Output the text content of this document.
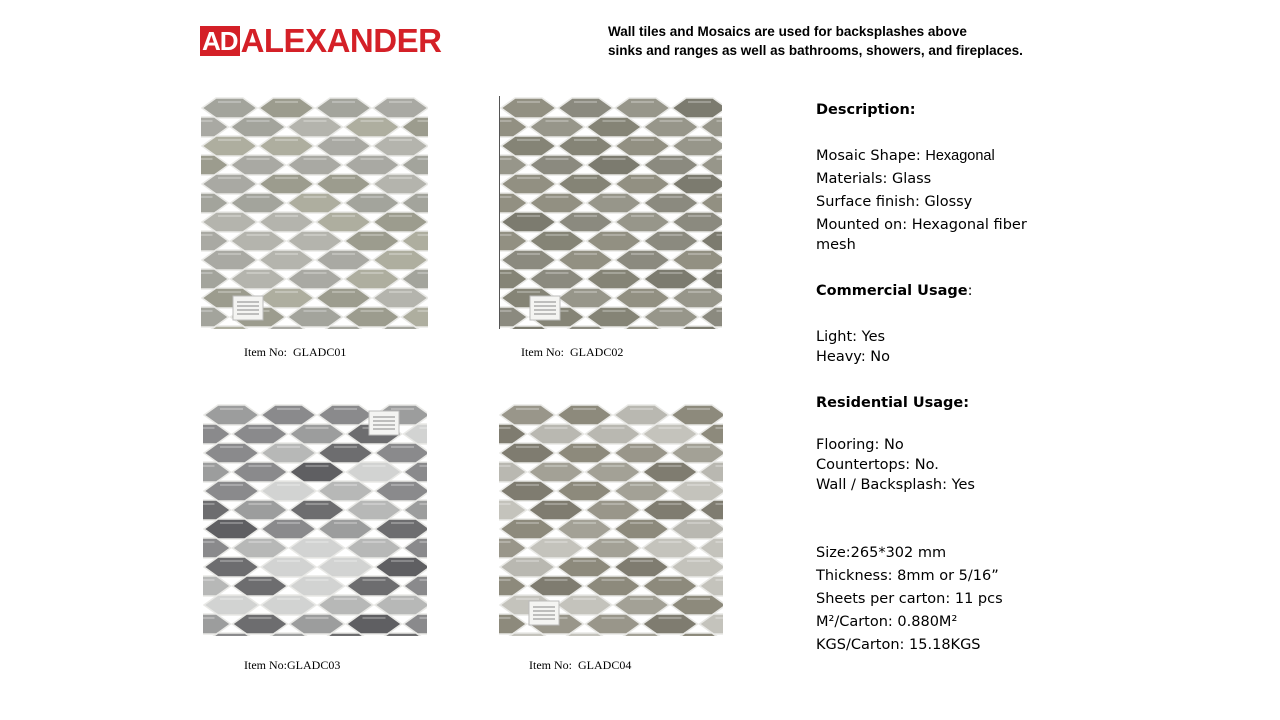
AD ALEXANDER	Wall tiles and Mosaics are used for backsplashes above
sinks and ranges as well as bathrooms, showers, and fireplaces.
Item No:  GLADC01	Item No:  GLADC02
Item No:GLADC03	Item No:  GLADC04
Description:
Mosaic Shape: Hexagonal
Materials: Glass
Surface finish: Glossy
Mounted on: Hexagonal fiber
mesh
Commercial Usage:
Light: Yes
Heavy: No
Residential Usage:
Flooring: No
Countertops: No.
Wall / Backsplash: Yes
Size:265*302 mm
Thickness: 8mm or 5/16”
Sheets per carton: 11 pcs
M²/Carton: 0.880M²
KGS/Carton: 15.18KGS
